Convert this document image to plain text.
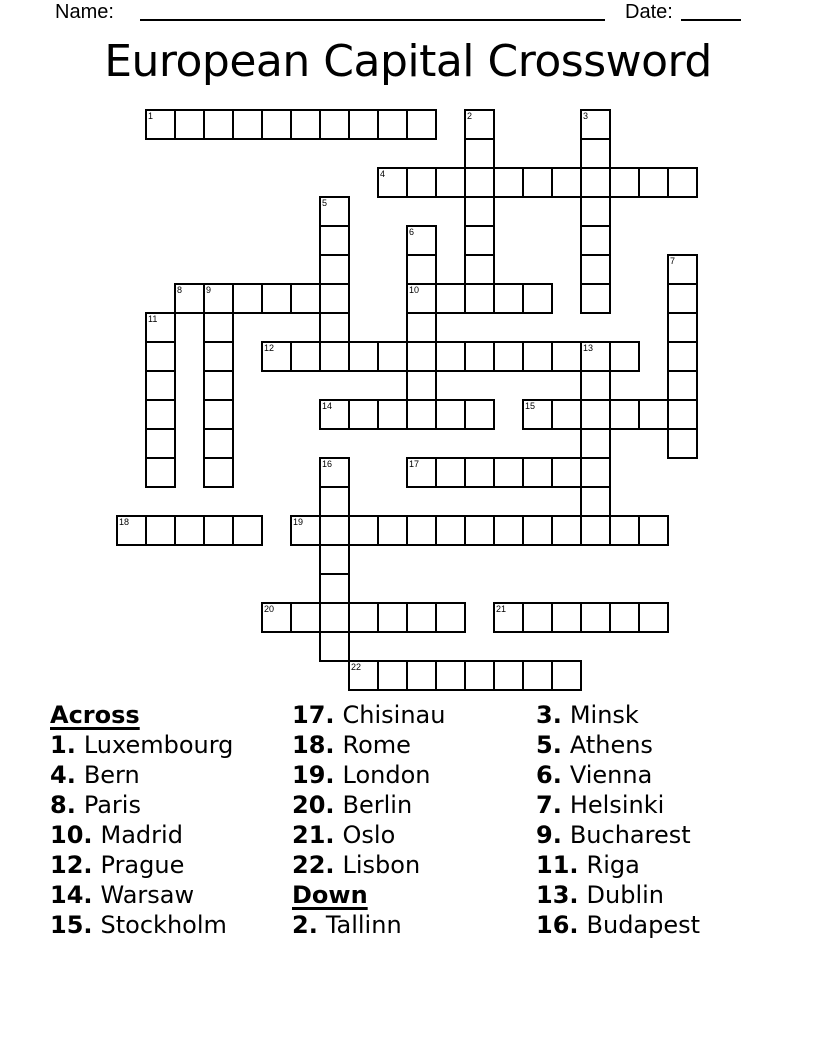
Name:	Date:
European Capital Crossword
1	2	3
4
5
6
7
8	9	10
11
12	13
14	15
16	17
18	19
20	21
22
Across
1. Luxembourg
4. Bern
8. Paris
10. Madrid
12. Prague
14. Warsaw
15. Stockholm
17. Chisinau
18. Rome
19. London
20. Berlin
21. Oslo
22. Lisbon
Down
2. Tallinn
3. Minsk
5. Athens
6. Vienna
7. Helsinki
9. Bucharest
11. Riga
13. Dublin
16. Budapest
